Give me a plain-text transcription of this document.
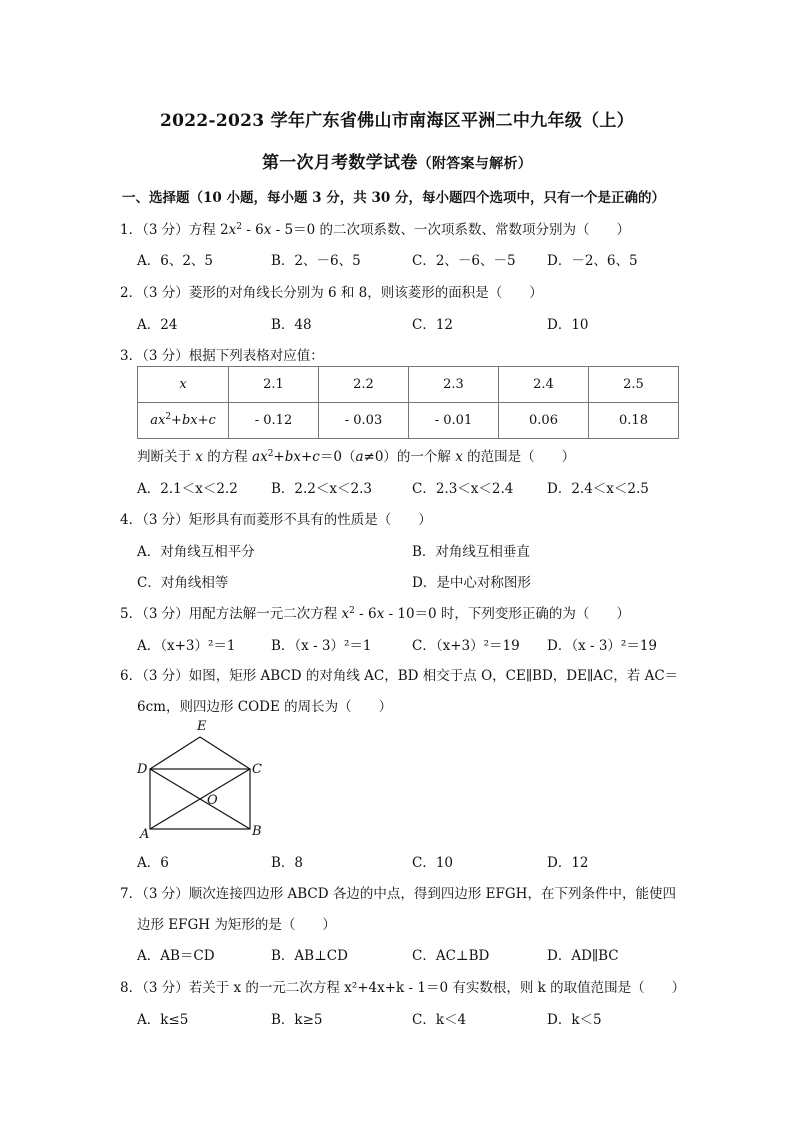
2022-2023 学年广东省佛山市南海区平洲二中九年级（上）
第一次月考数学试卷（附答案与解析）
一、选择题（10 小题，每小题 3 分，共 30 分，每小题四个选项中，只有一个是正确的）
1．（3 分）方程 $2x^2 - 6x - 5=0$ 的二次项系数、一次项系数、常数项分别为（　　）
A．6、2、5	B．2、－6、5	C．2、－6、－5 D．－2、6、5
2．（3 分）菱形的对角线长分别为 6 和 8，则该菱形的面积是（　　）
A．24	B．48	C．12	D．10
3．（3 分）根据下列表格对应值：
x	2.1	2.2	2.3	2.4	2.5
$ax^2+bx+c$	- 0.12	- 0.03	- 0.01	0.06	0.18
判断关于 x 的方程 $ax^2+bx+c=0(a\ne 0)$的一个解 x 的范围是（　　）
A．2.1＜x＜2.2 B．2.2＜x＜2.3	C．2.3＜x＜2.4 D．2.4＜x＜2.5
4．（3 分）矩形具有而菱形不具有的性质是（　　）
A．对角线互相平分	B．对角线互相垂直
C．对角线相等	D．是中心对称图形
5．（3 分）用配方法解一元二次方程 $x^2 - 6x - 10=0$ 时，下列变形正确的为（　　）
A．（x+3）²＝1	B．（x - 3）²＝1	C．（x+3）²＝19 D．（x - 3）²＝19
6．（3 分）如图，矩形 ABCD 的对角线 AC，BD 相交于点 O，CE∥BD，DE∥AC，若 AC＝
6cm，则四边形 CODE 的周长为（　　）
E
D	C
O
A	B
A．6	B．8	C．10	D．12
7．（3 分）顺次连接四边形 ABCD 各边的中点，得到四边形 EFGH，在下列条件中，能使四
边形 EFGH 为矩形的是（　　）
A．AB＝CD	B．AB⊥CD	C．AC⊥BD	D．AD∥BC
8．（3 分）若关于 x 的一元二次方程 x²+4x+k - 1＝0 有实数根，则 k 的取值范围是（　　）
A．k≤5	B．k≥5	C．k＜4	D．k＜5
